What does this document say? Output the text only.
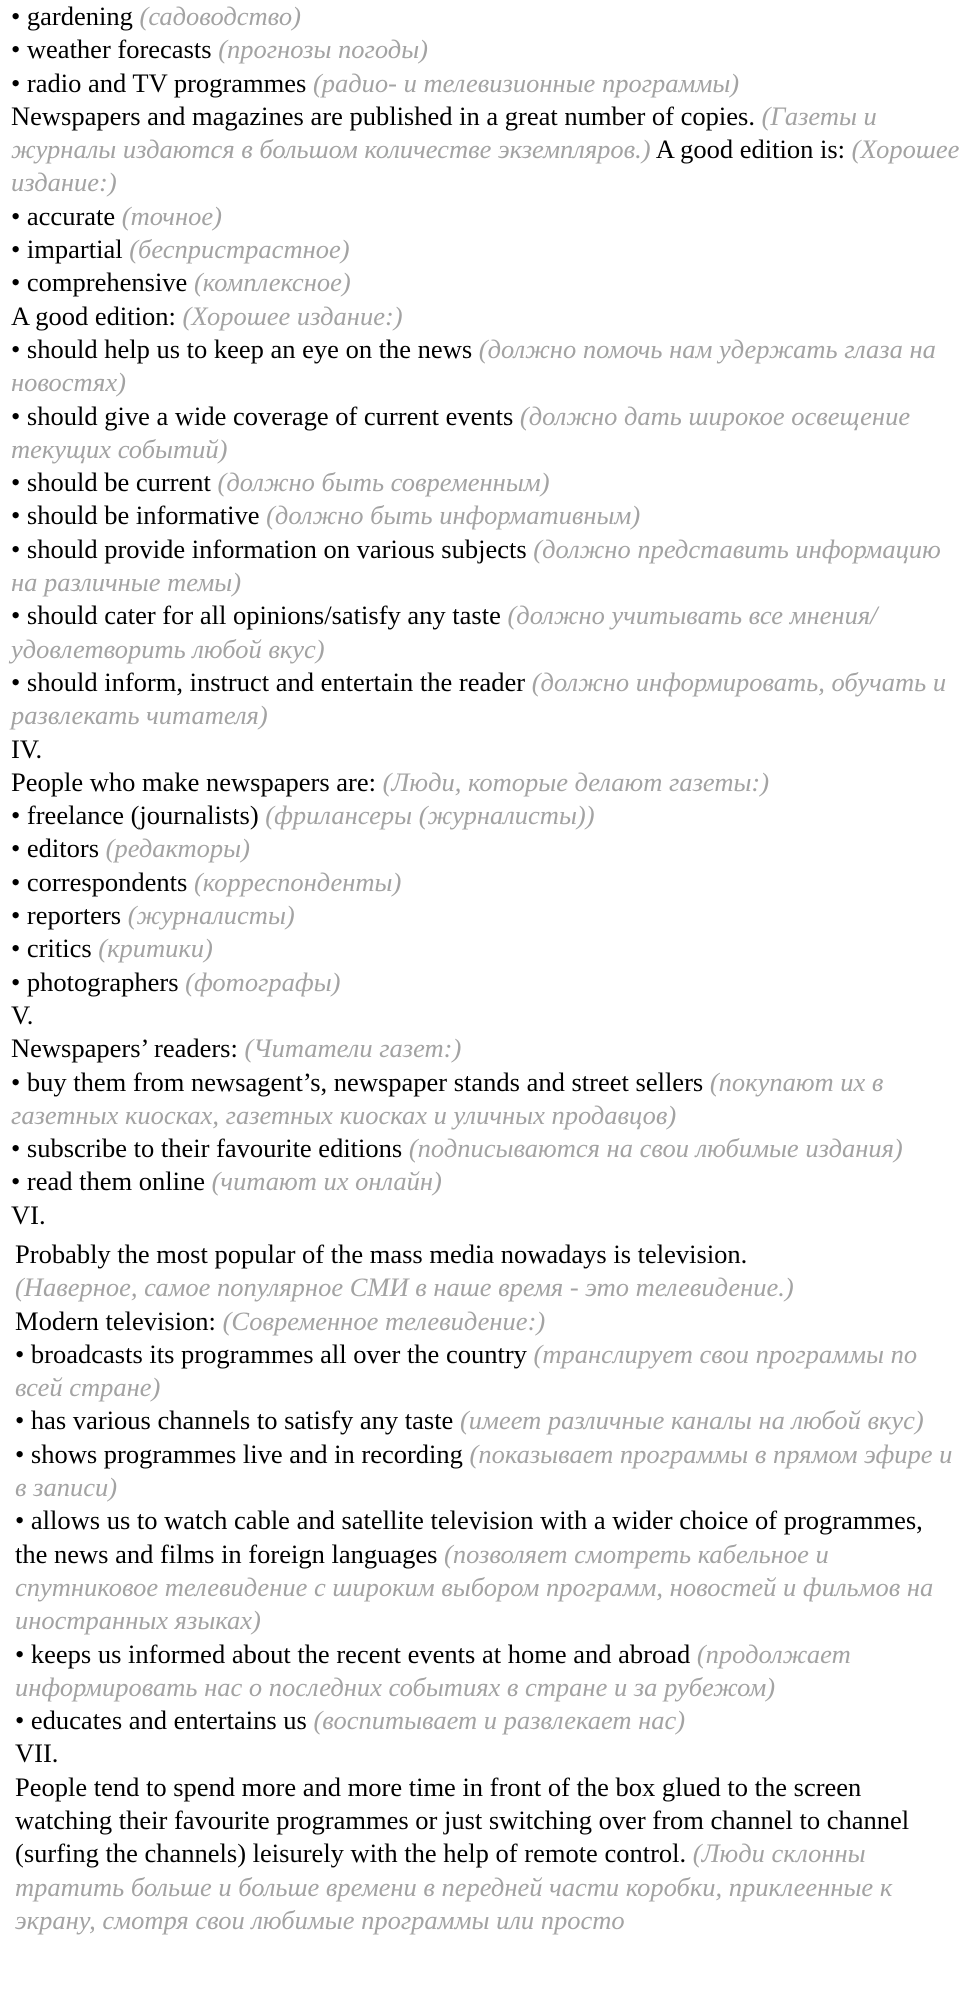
• gardening (садоводство)

• weather forecasts (прогнозы погоды)

• radio and TV programmes (радио- и телевизионные программы)

Newspapers and magazines are published in a great number of copies. (Газеты и журналы издаются в большом количестве экземпляров.) A good edition is: (Хорошее издание:)

• accurate (точное)

• impartial (беспристрастное)

• comprehensive (комплексное)

A good edition: (Хорошее издание:)

• should help us to keep an eye on the news (должно помочь нам удержать глаза на новостях)

• should give a wide coverage of current events (должно дать широкое освещение текущих событий)

• should be current (должно быть современным)

• should be informative (должно быть информативным)

• should provide information on various subjects (должно представить информацию на различные темы)

• should cater for all opinions/satisfy any taste (должно учитывать все мнения/удовлетворить любой вкус)

• should inform, instruct and entertain the reader (должно информировать, обучать и развлекать читателя)

IV.

People who make newspapers are: (Люди, которые делают газеты:)

• freelance (journalists) (фрилансеры (журналисты))

• editors (редакторы)

• correspondents (корреспонденты)

• reporters (журналисты)

• critics (критики)

• photographers (фотографы)

V.

Newspapers’ readers: (Читатели газет:)

• buy them from newsagent’s, newspaper stands and street sellers (покупают их в газетных киосках, газетных киосках и уличных продавцов)

• subscribe to their favourite editions (подписываются на свои любимые издания)

• read them online (читают их онлайн)

VI.

Probably the most popular of the mass media nowadays is television.
(Наверное, самое популярное СМИ в наше время - это телевидение.)

Modern television: (Современное телевидение:)

• broadcasts its programmes all over the country (транслирует свои программы по всей стране)

• has various channels to satisfy any taste (имеет различные каналы на любой вкус)

• shows programmes live and in recording (показывает программы в прямом эфире и в записи)

• allows us to watch cable and satellite television with a wider choice of programmes, the news and films in foreign languages (позволяет смотреть кабельное и спутниковое телевидение с широким выбором программ, новостей и фильмов на иностранных языках)

• keeps us informed about the recent events at home and abroad (продолжает информировать нас о последних событиях в стране и за рубежом)

• educates and entertains us (воспитывает и развлекает нас)

VII.

People tend to spend more and more time in front of the box glued to the screen watching their favourite programmes or just switching over from channel to channel (surfing the channels) leisurely with the help of remote control. (Люди склонны тратить больше и больше времени в передней части коробки, приклеенные к экрану, смотря свои любимые программы или просто
